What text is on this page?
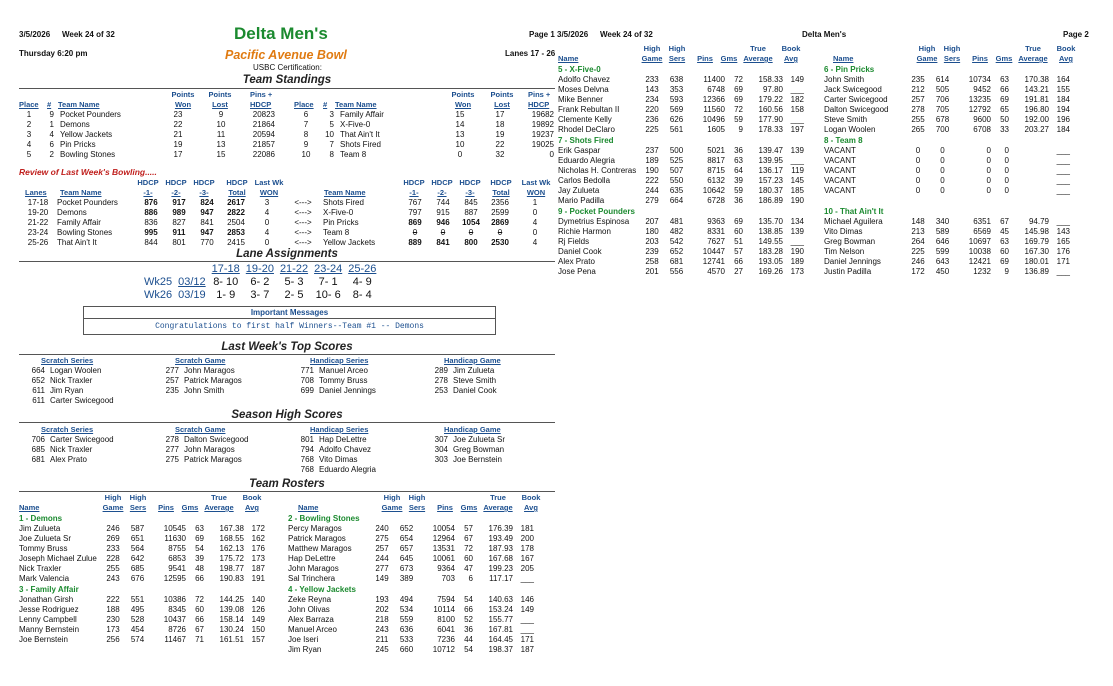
3/5/2026 Week 24 of 32	Delta Men's	Page 1
Thursday 6:20 pm	Pacific Avenue Bowl	Lanes 17 - 26
USBC Certification:
3/5/2026 Week 24 of 32	Delta Men's	Page 2
Team Standings
Points	Points	Pins +
Place # Team Name	Won	Lost	HDCP
1	9	Pocket Pounders	23	9	20823
2	1	Demons	22	10	21864
3	4	Yellow Jackets	21	11	20594
4	6	Pin Pricks	19	13	21857
5	2	Bowling Stones	17	15	22086
Points	Points	Pins +
Place # Team Name	Won	Lost	HDCP
6	3	Family Affair	15	17	19682
7	5	X-Five-0	14	18	19892
8	10	That Ain't It	13	19	19237
9	7	Shots Fired	10	22	19025
10	8	Team 8	0	32	0
Review of Last Week's Bowling.....
HDCP HDCP HDCP	HDCP Last Wk
Lanes Team Name	-1-	-2-	-3-	Total	WON	Team Name
HDCP HDCP HDCP	HDCP	Last Wk
-1-	-2-	-3-	Total	WON
17-18	Pocket Pounders	876	917	824	2617	3	<--->	Shots Fired	767	744	845	2356	1
19-20	Demons	886	989	947	2822	4	<--->	X-Five-0	797	915	887	2599	0
21-22	Family Affair	836	827	841	2504	0	<--->	Pin Pricks	869	946	1054	2869	4
23-24	Bowling Stones	995	911	947	2853	4	<--->	Team 8	0	0	0	0	0
25-26	That Ain't It	844	801	770	2415	0	<--->	Yellow Jackets	889	841	800	2530	4
Lane Assignments
		17-18	19-20	21-22	23-24	25-26
Wk25	03/12	8- 10	6- 2	5- 3	7- 1	4- 9
Wk26	03/19	1- 9	3- 7	2- 5	10- 6	8- 4
Important Messages
Congratulations to first half Winners--Team #1 -- Demons
Last Week's Top Scores
Scratch Series
664 Logan Woolen
652 Nick Traxler
611 Jim Ryan
611 Carter Swicegood
Scratch Game
277 John Maragos
257 Patrick Maragos
235 John Smith
Handicap Series
771 Manuel Arceo
708 Tommy Bruss
699 Daniel Jennings
Handicap Game
289 Jim Zulueta
278 Steve Smith
253 Daniel Cook
Season High Scores
Scratch Series
706 Carter Swicegood
685 Nick Traxler
681 Alex Prato
Scratch Game
278 Dalton Swicegood
277 John Maragos
275 Patrick Maragos
Handicap Series
801 Hap DeLettre
794 Adolfo Chavez
768 Vito Dimas
768 Eduardo Alegria
Handicap Game
307 Joe Zulueta Sr
304 Greg Bowman
303 Joe Bernstein
Team Rosters
High	High	True	Book
Name	Game Sers	Pins	Gms Average	Avg
High	High	True	Book
Name	Game Sers	Pins	Gms Average	Avg
High	High	True	Book
Name	Game Sers	Pins	Gms Average	Avg
High	High	True	Book
Name	Game Sers	Pins	Gms Average	Avg
1 - Demons
Jim Zulueta	246	587	10545	63	167.38	172
Joe Zulueta Sr	269	651	11630	69	168.55	162
Tommy Bruss	233	564	8755	54	162.13	176
Joseph Michael Zulue	228	642	6853	39	175.72	173
Nick Traxler	255	685	9541	48	198.77	187
Mark Valencia	243	676	12595	66	190.83	191
2 - Bowling Stones
Percy Maragos	240	652	10054	57	176.39	181
Patrick Maragos	275	654	12964	67	193.49	200
Matthew Maragos	257	657	13531	72	187.93	178
Hap DeLettre	244	645	10061	60	167.68	167
John Maragos	277	673	9364	47	199.23	205
Sal Trinchera	149	389	703	6	117.17	___
3 - Family Affair
Jonathan Girsh	222	551	10386	72	144.25	140
Jesse Rodriguez	188	495	8345	60	139.08	126
Lenny Campbell	230	528	10437	66	158.14	149
Manny Bernstein	173	454	8726	67	130.24	150
Joe Bernstein	256	574	11467	71	161.51	157
4 - Yellow Jackets
Zeke Reyna	193	494	7594	54	140.63	146
John Olivas	202	534	10114	66	153.24	149
Alex Barraza	218	559	8100	52	155.77	___
Manuel Arceo	243	636	6041	36	167.81	___
Joe Iseri	211	533	7236	44	164.45	171
Jim Ryan	245	660	10712	54	198.37	187
5 - X-Five-0
Adolfo Chavez	233	638	11400	72	158.33	149
Moses Delvna	143	353	6748	69	97.80	___
Mike Benner	234	593	12366	69	179.22	182
Frank Rebultan II	220	569	11560	72	160.56	158
Clemente Kelly	236	626	10496	59	177.90	___
Rhodel DeClaro	225	561	1605	9	178.33	197
6 - Pin Pricks
John Smith	235	614	10734	63	170.38	164
Jack Swicegood	212	505	9452	66	143.21	155
Carter Swicegood	257	706	13235	69	191.81	184
Dalton Swicegood	278	705	12792	65	196.80	194
Steve Smith	255	678	9600	50	192.00	196
Logan Woolen	265	700	6708	33	203.27	184
7 - Shots Fired
Erik Gaspar	237	500	5021	36	139.47	139
Eduardo Alegria	189	525	8817	63	139.95	___
Nicholas H. Contreras	190	507	8715	64	136.17	119
Carlos Bedolla	222	550	6132	39	157.23	145
Jay Zulueta	244	635	10642	59	180.37	185
Mario Padilla	279	664	6728	36	186.89	190
8 - Team 8
VACANT	0	0	0	0		___
VACANT	0	0	0	0		___
VACANT	0	0	0	0		___
VACANT	0	0	0	0		___
VACANT	0	0	0	0		___
9 - Pocket Pounders
Dymetrius Espinosa	207	481	9363	69	135.70	134
Richie Harmon	180	482	8331	60	138.85	139
Rj Fields	203	542	7627	51	149.55	___
Daniel Cook	239	652	10447	57	183.28	190
Alex Prato	258	681	12741	66	193.05	189
Jose Pena	201	556	4570	27	169.26	173
10 - That Ain't It
Michael Aguilera	148	340	6351	67	94.79	___
Vito Dimas	213	589	6569	45	145.98	143
Greg Bowman	264	646	10697	63	169.79	165
Tim Nelson	225	599	10038	60	167.30	176
Daniel Jennings	246	643	12421	69	180.01	171
Justin Padilla	172	450	1232	9	136.89	___
